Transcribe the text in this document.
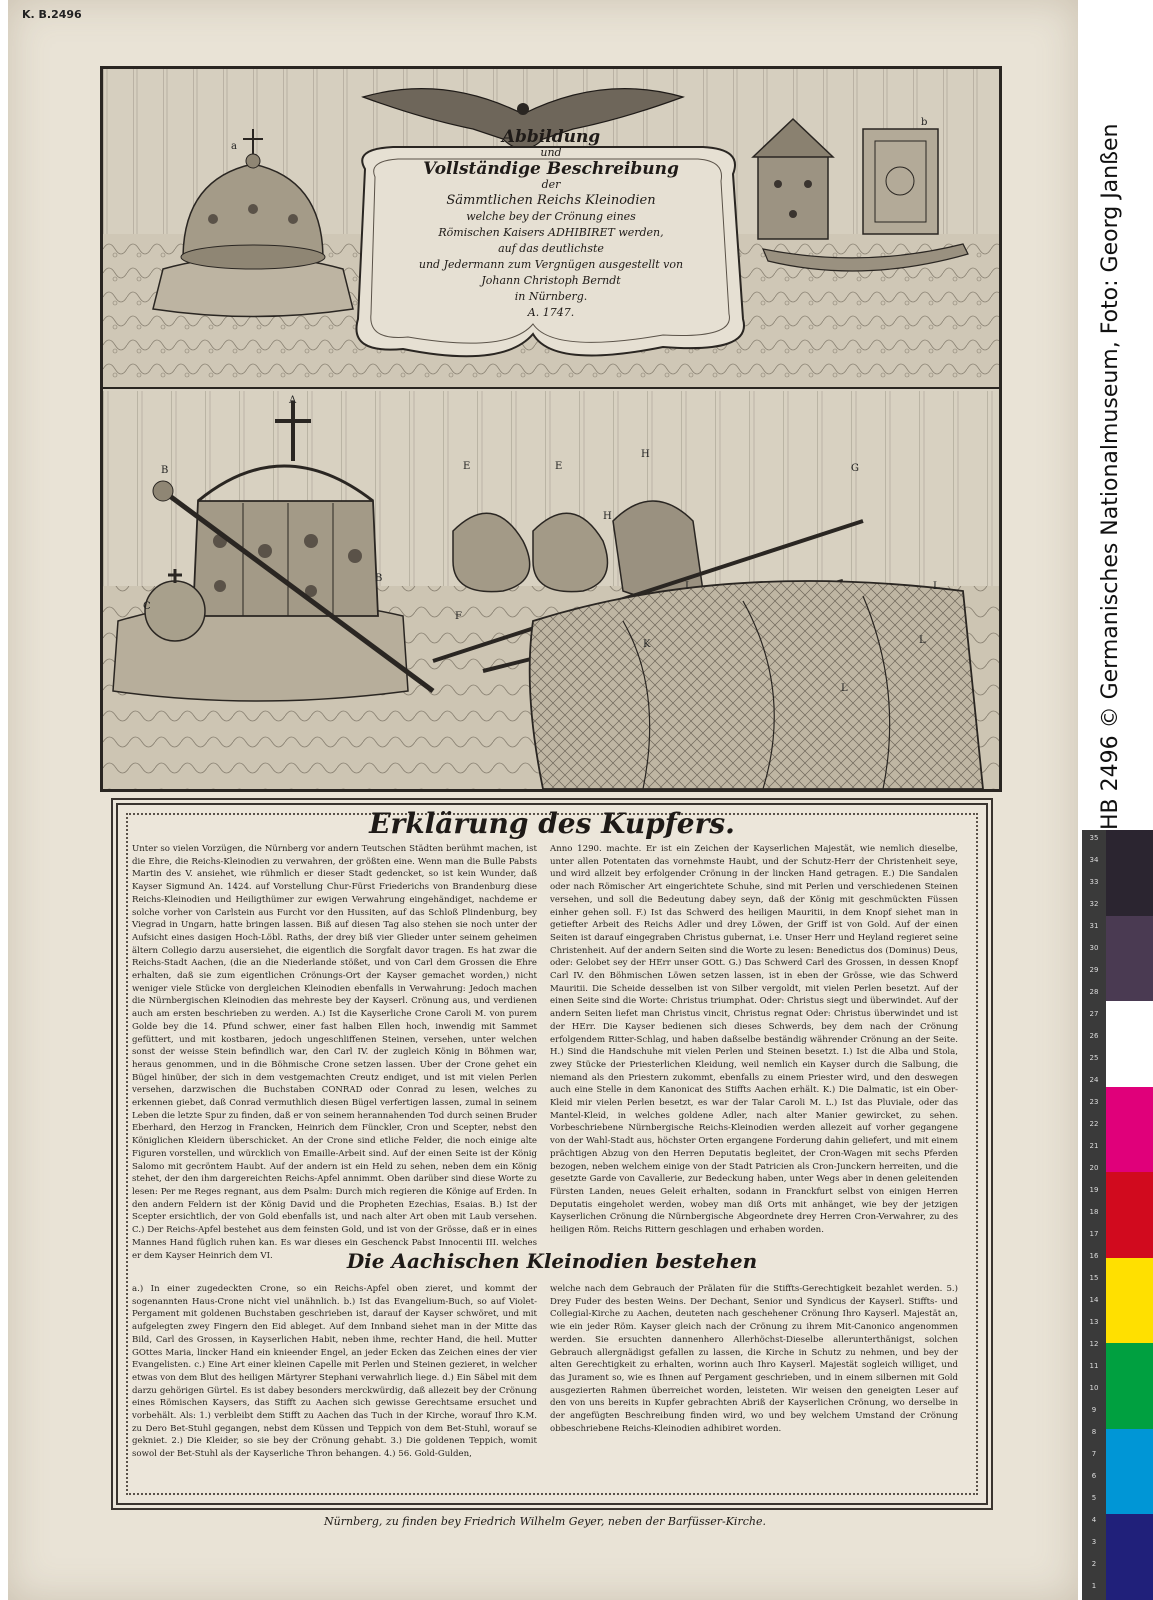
K. B.2496
Abbildung
und
Vollständige Beschreibung
der
Sämmtlichen Reichs Kleinodien
welche bey der Crönung eines
Römischen Kaisers ADHIBIRET werden,
auf das deutlichste
und Jedermann zum Vergnügen ausgestellt von
Johann Christoph Berndt
in Nürnberg.
A. 1747.
a
b
A
B
B
C
E	E
H
H
G
F
K
I	L
L
L
Erklärung des Kupfers.

Unter so vielen Vorzügen, die Nürnberg vor andern Teutschen Städten berühmt machen, ist die Ehre, die Reichs-Kleinodien zu verwahren, der größten eine. Wenn man die Bulle Pabsts Martin des V. ansiehet, wie rühmlich er dieser Stadt gedencket, so ist kein Wunder, daß Kayser Sigmund An. 1424. auf Vorstellung Chur-Fürst Friederichs von Brandenburg diese Reichs-Kleinodien und Heiligthümer zur ewigen Verwahrung eingehändiget, nachdeme er solche vorher von Carlstein aus Furcht vor den Hussiten, auf das Schloß Plindenburg, bey Viegrad in Ungarn, hatte bringen lassen. Biß auf diesen Tag also stehen sie noch unter der Aufsicht eines dasigen Hoch-Löbl. Raths, der drey biß vier Glieder unter seinem geheimen ältern Collegio darzu ausersiehet, die eigentlich die Sorgfalt davor tragen. Es hat zwar die Reichs-Stadt Aachen, (die an die Niederlande stößet, und von Carl dem Grossen die Ehre erhalten, daß sie zum eigentlichen Crönungs-Ort der Kayser gemachet worden,) nicht weniger viele Stücke von dergleichen Kleinodien ebenfalls in Verwahrung: Jedoch machen die Nürnbergischen Kleinodien das mehreste bey der Kayserl. Crönung aus, und verdienen auch am ersten beschrieben zu werden. A.) Ist die Kayserliche Crone Caroli M. von purem Golde bey die 14. Pfund schwer, einer fast halben Ellen hoch, inwendig mit Sammet gefüttert, und mit kostbaren, jedoch ungeschliffenen Steinen, versehen, unter welchen sonst der weisse Stein befindlich war, den Carl IV. der zugleich König in Böhmen war, heraus genommen, und in die Böhmische Crone setzen lassen. Uber der Crone gehet ein Bügel hinüber, der sich in dem vestgemachten Creutz endiget, und ist mit vielen Perlen versehen, darzwischen die Buchstaben CONRAD oder Conrad zu lesen, welches zu erkennen giebet, daß Conrad vermuthlich diesen Bügel verfertigen lassen, zumal in seinem Leben die letzte Spur zu finden, daß er von seinem herannahenden Tod durch seinen Bruder Eberhard, den Herzog in Francken, Heinrich dem Fünckler, Cron und Scepter, nebst den Königlichen Kleidern überschicket. An der Crone sind etliche Felder, die noch einige alte Figuren vorstellen, und würcklich von Emaille-Arbeit sind. Auf der einen Seite ist der König Salomo mit gecröntem Haubt. Auf der andern ist ein Held zu sehen, neben dem ein König stehet, der den ihm dargereichten Reichs-Apfel annimmt. Oben darüber sind diese Worte zu lesen: Per me Reges regnant, aus dem Psalm: Durch mich regieren die Könige auf Erden. In den andern Feldern ist der König David und die Propheten Ezechias, Esaias. B.) Ist der Scepter ersichtlich, der von Gold ebenfalls ist, und nach alter Art oben mit Laub versehen. C.) Der Reichs-Apfel bestehet aus dem feinsten Gold, und ist von der Grösse, daß er in eines Mannes Hand füglich ruhen kan. Es war dieses ein Geschenck Pabst Innocentii III. welches er dem Kayser Heinrich dem VI.

Anno 1290. machte. Er ist ein Zeichen der Kayserlichen Majestät, wie nemlich dieselbe, unter allen Potentaten das vornehmste Haubt, und der Schutz-Herr der Christenheit seye, und wird allzeit bey erfolgender Crönung in der lincken Hand getragen. E.) Die Sandalen oder nach Römischer Art eingerichtete Schuhe, sind mit Perlen und verschiedenen Steinen versehen, und soll die Bedeutung dabey seyn, daß der König mit geschmückten Füssen einher gehen soll. F.) Ist das Schwerd des heiligen Mauritii, in dem Knopf siehet man in getiefter Arbeit des Reichs Adler und drey Löwen, der Griff ist von Gold. Auf der einen Seiten ist darauf eingegraben Christus gubernat, i.e. Unser Herr und Heyland regieret seine Christenheit. Auf der andern Seiten sind die Worte zu lesen: Benedictus dos (Dominus) Deus, oder: Gelobet sey der HErr unser GOtt. G.) Das Schwerd Carl des Grossen, in dessen Knopf Carl IV. den Böhmischen Löwen setzen lassen, ist in eben der Grösse, wie das Schwerd Mauritii. Die Scheide desselben ist von Silber vergoldt, mit vielen Perlen besetzt. Auf der einen Seite sind die Worte: Christus triumphat. Oder: Christus siegt und überwindet. Auf der andern Seiten liefet man Christus vincit, Christus regnat Oder: Christus überwindet und ist der HErr. Die Kayser bedienen sich dieses Schwerds, bey dem nach der Crönung erfolgendem Ritter-Schlag, und haben daßselbe beständig währender Crönung an der Seite. H.) Sind die Handschuhe mit vielen Perlen und Steinen besetzt. I.) Ist die Alba und Stola, zwey Stücke der Priesterlichen Kleidung, weil nemlich ein Kayser durch die Salbung, die niemand als den Priestern zukommt, ebenfalls zu einem Priester wird, und den deswegen auch eine Stelle in dem Kanonicat des Stiffts Aachen erhält. K.) Die Dalmatic, ist ein Ober-Kleid mir vielen Perlen besetzt, es war der Talar Caroli M. L.) Ist das Pluviale, oder das Mantel-Kleid, in welches goldene Adler, nach alter Manier gewircket, zu sehen. Vorbeschriebene Nürnbergische Reichs-Kleinodien werden allezeit auf vorher gegangene von der Wahl-Stadt aus, höchster Orten ergangene Forderung dahin geliefert, und mit einem prächtigen Abzug von den Herren Deputatis begleitet, der Cron-Wagen mit sechs Pferden bezogen, neben welchem einige von der Stadt Patricien als Cron-Junckern herreiten, und die gesetzte Garde von Cavallerie, zur Bedeckung haben, unter Wegs aber in denen geleitenden Fürsten Landen, neues Geleit erhalten, sodann in Franckfurt selbst von einigen Herren Deputatis eingeholet werden, wobey man diß Orts mit anhänget, wie bey der jetzigen Kayserlichen Crönung die Nürnbergische Abgeordnete drey Herren Cron-Verwahrer, zu des heiligen Röm. Reichs Rittern geschlagen und erhaben worden.

Die Aachischen Kleinodien bestehen

a.) In einer zugedeckten Crone, so ein Reichs-Apfel oben zieret, und kommt der sogenannten Haus-Crone nicht viel unähnlich. b.) Ist das Evangelium-Buch, so auf Violet-Pergament mit goldenen Buchstaben geschrieben ist, darauf der Kayser schwöret, und mit aufgelegten zwey Fingern den Eid ableget. Auf dem Innband siehet man in der Mitte das Bild, Carl des Grossen, in Kayserlichen Habit, neben ihme, rechter Hand, die heil. Mutter GOttes Maria, lincker Hand ein knieender Engel, an jeder Ecken das Zeichen eines der vier Evangelisten. c.) Eine Art einer kleinen Capelle mit Perlen und Steinen gezieret, in welcher etwas von dem Blut des heiligen Märtyrer Stephani verwahrlich liege. d.) Ein Säbel mit dem darzu gehörigen Gürtel. Es ist dabey besonders merckwürdig, daß allezeit bey der Crönung eines Römischen Kaysers, das Stifft zu Aachen sich gewisse Gerechtsame ersuchet und vorbehält. Als: 1.) verbleibt dem Stifft zu Aachen das Tuch in der Kirche, worauf Ihro K.M. zu Dero Bet-Stuhl gegangen, nebst dem Küssen und Teppich von dem Bet-Stuhl, worauf se gekniet. 2.) Die Kleider, so sie bey der Crönung gehabt. 3.) Die goldenen Teppich, womit sowol der Bet-Stuhl als der Kayserliche Thron behangen. 4.) 56. Gold-Gulden,

welche nach dem Gebrauch der Prälaten für die Stiffts-Gerechtigkeit bezahlet werden. 5.) Drey Fuder des besten Weins. Der Dechant, Senior und Syndicus der Kayserl. Stiffts- und Collegial-Kirche zu Aachen, deuteten nach geschehener Crönung Ihro Kayserl. Majestät an, wie ein jeder Röm. Kayser gleich nach der Crönung zu ihrem Mit-Canonico angenommen werden. Sie ersuchten dannenhero Allerhöchst-Dieselbe allerunterthänigst, solchen Gebrauch allergnädigst gefallen zu lassen, die Kirche in Schutz zu nehmen, und bey der alten Gerechtigkeit zu erhalten, worinn auch Ihro Kayserl. Majestät sogleich williget, und das Jurament so, wie es Ihnen auf Pergament geschrieben, und in einem silbernen mit Gold ausgezierten Rahmen überreichet worden, leisteten. Wir weisen den geneigten Leser auf den von uns bereits in Kupfer gebrachten Abriß der Kayserlichen Crönung, wo derselbe in der angefügten Beschreibung finden wird, wo und bey welchem Umstand der Crönung obbeschriebene Reichs-Kleinodien adhibiret worden.

Nürnberg, zu finden bey Friedrich Wilhelm Geyer, neben der Barfüsser-Kirche.
HB 2496 © Germanisches Nationalmuseum, Foto: Georg Janßen
35
34
33
32
31
30
29
28
27
26
25
24
23
22
21
20
19
18
17
16
15
14
13
12
11
10
9
8
7
6
5
4
3
2
1
